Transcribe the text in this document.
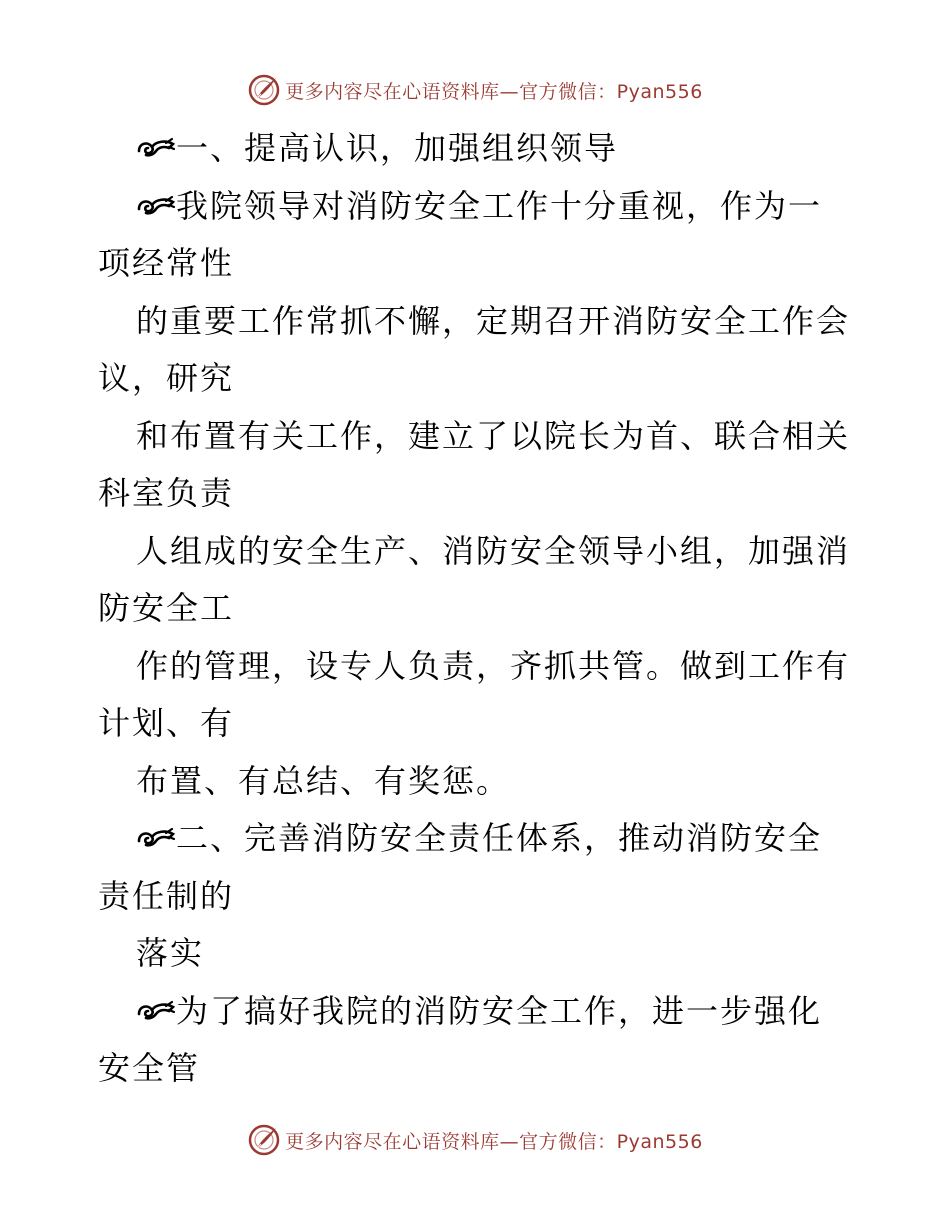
更多内容尽在心语资料库—官方微信：Pyan556
一、提高认识，加强组织领导
我院领导对消防安全工作十分重视，作为一
项经常性
的重要工作常抓不懈，定期召开消防安全工作会
议，研究
和布置有关工作，建立了以院长为首、联合相关
科室负责
人组成的安全生产、消防安全领导小组，加强消
防安全工
作的管理，设专人负责，齐抓共管。做到工作有
计划、有
布置、有总结、有奖惩。
二、完善消防安全责任体系，推动消防安全
责任制的
落实
为了搞好我院的消防安全工作，进一步强化
安全管
更多内容尽在心语资料库—官方微信：Pyan556
